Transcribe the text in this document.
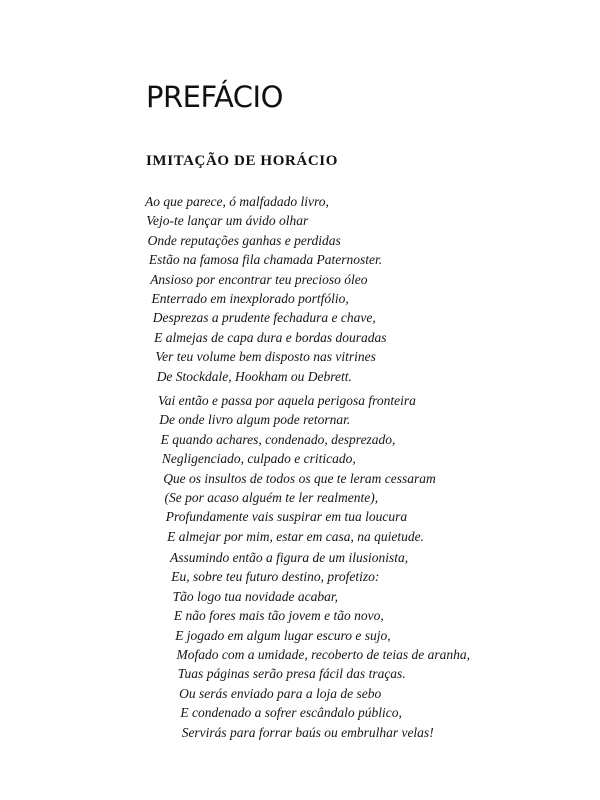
PREFÁCIO
IMITAÇÃO DE HORÁCIO
Ao que parece, ó malfadado livro,
Vejo-te lançar um ávido olhar
Onde reputações ganhas e perdidas
Estão na famosa fila chamada Paternoster.
Ansioso por encontrar teu precioso óleo
Enterrado em inexplorado portfólio,
Desprezas a prudente fechadura e chave,
E almejas de capa dura e bordas douradas
Ver teu volume bem disposto nas vitrines
De Stockdale, Hookham ou Debrett.
Vai então e passa por aquela perigosa fronteira
De onde livro algum pode retornar.
E quando achares, condenado, desprezado,
Negligenciado, culpado e criticado,
Que os insultos de todos os que te leram cessaram
(Se por acaso alguém te ler realmente),
Profundamente vais suspirar em tua loucura
E almejar por mim, estar em casa, na quietude.
Assumindo então a figura de um ilusionista,
Eu, sobre teu futuro destino, profetizo:
Tão logo tua novidade acabar,
E não fores mais tão jovem e tão novo,
E jogado em algum lugar escuro e sujo,
Mofado com a umidade, recoberto de teias de aranha,
Tuas páginas serão presa fácil das traças.
Ou serás enviado para a loja de sebo
E condenado a sofrer escândalo público,
Servirás para forrar baús ou embrulhar velas!
